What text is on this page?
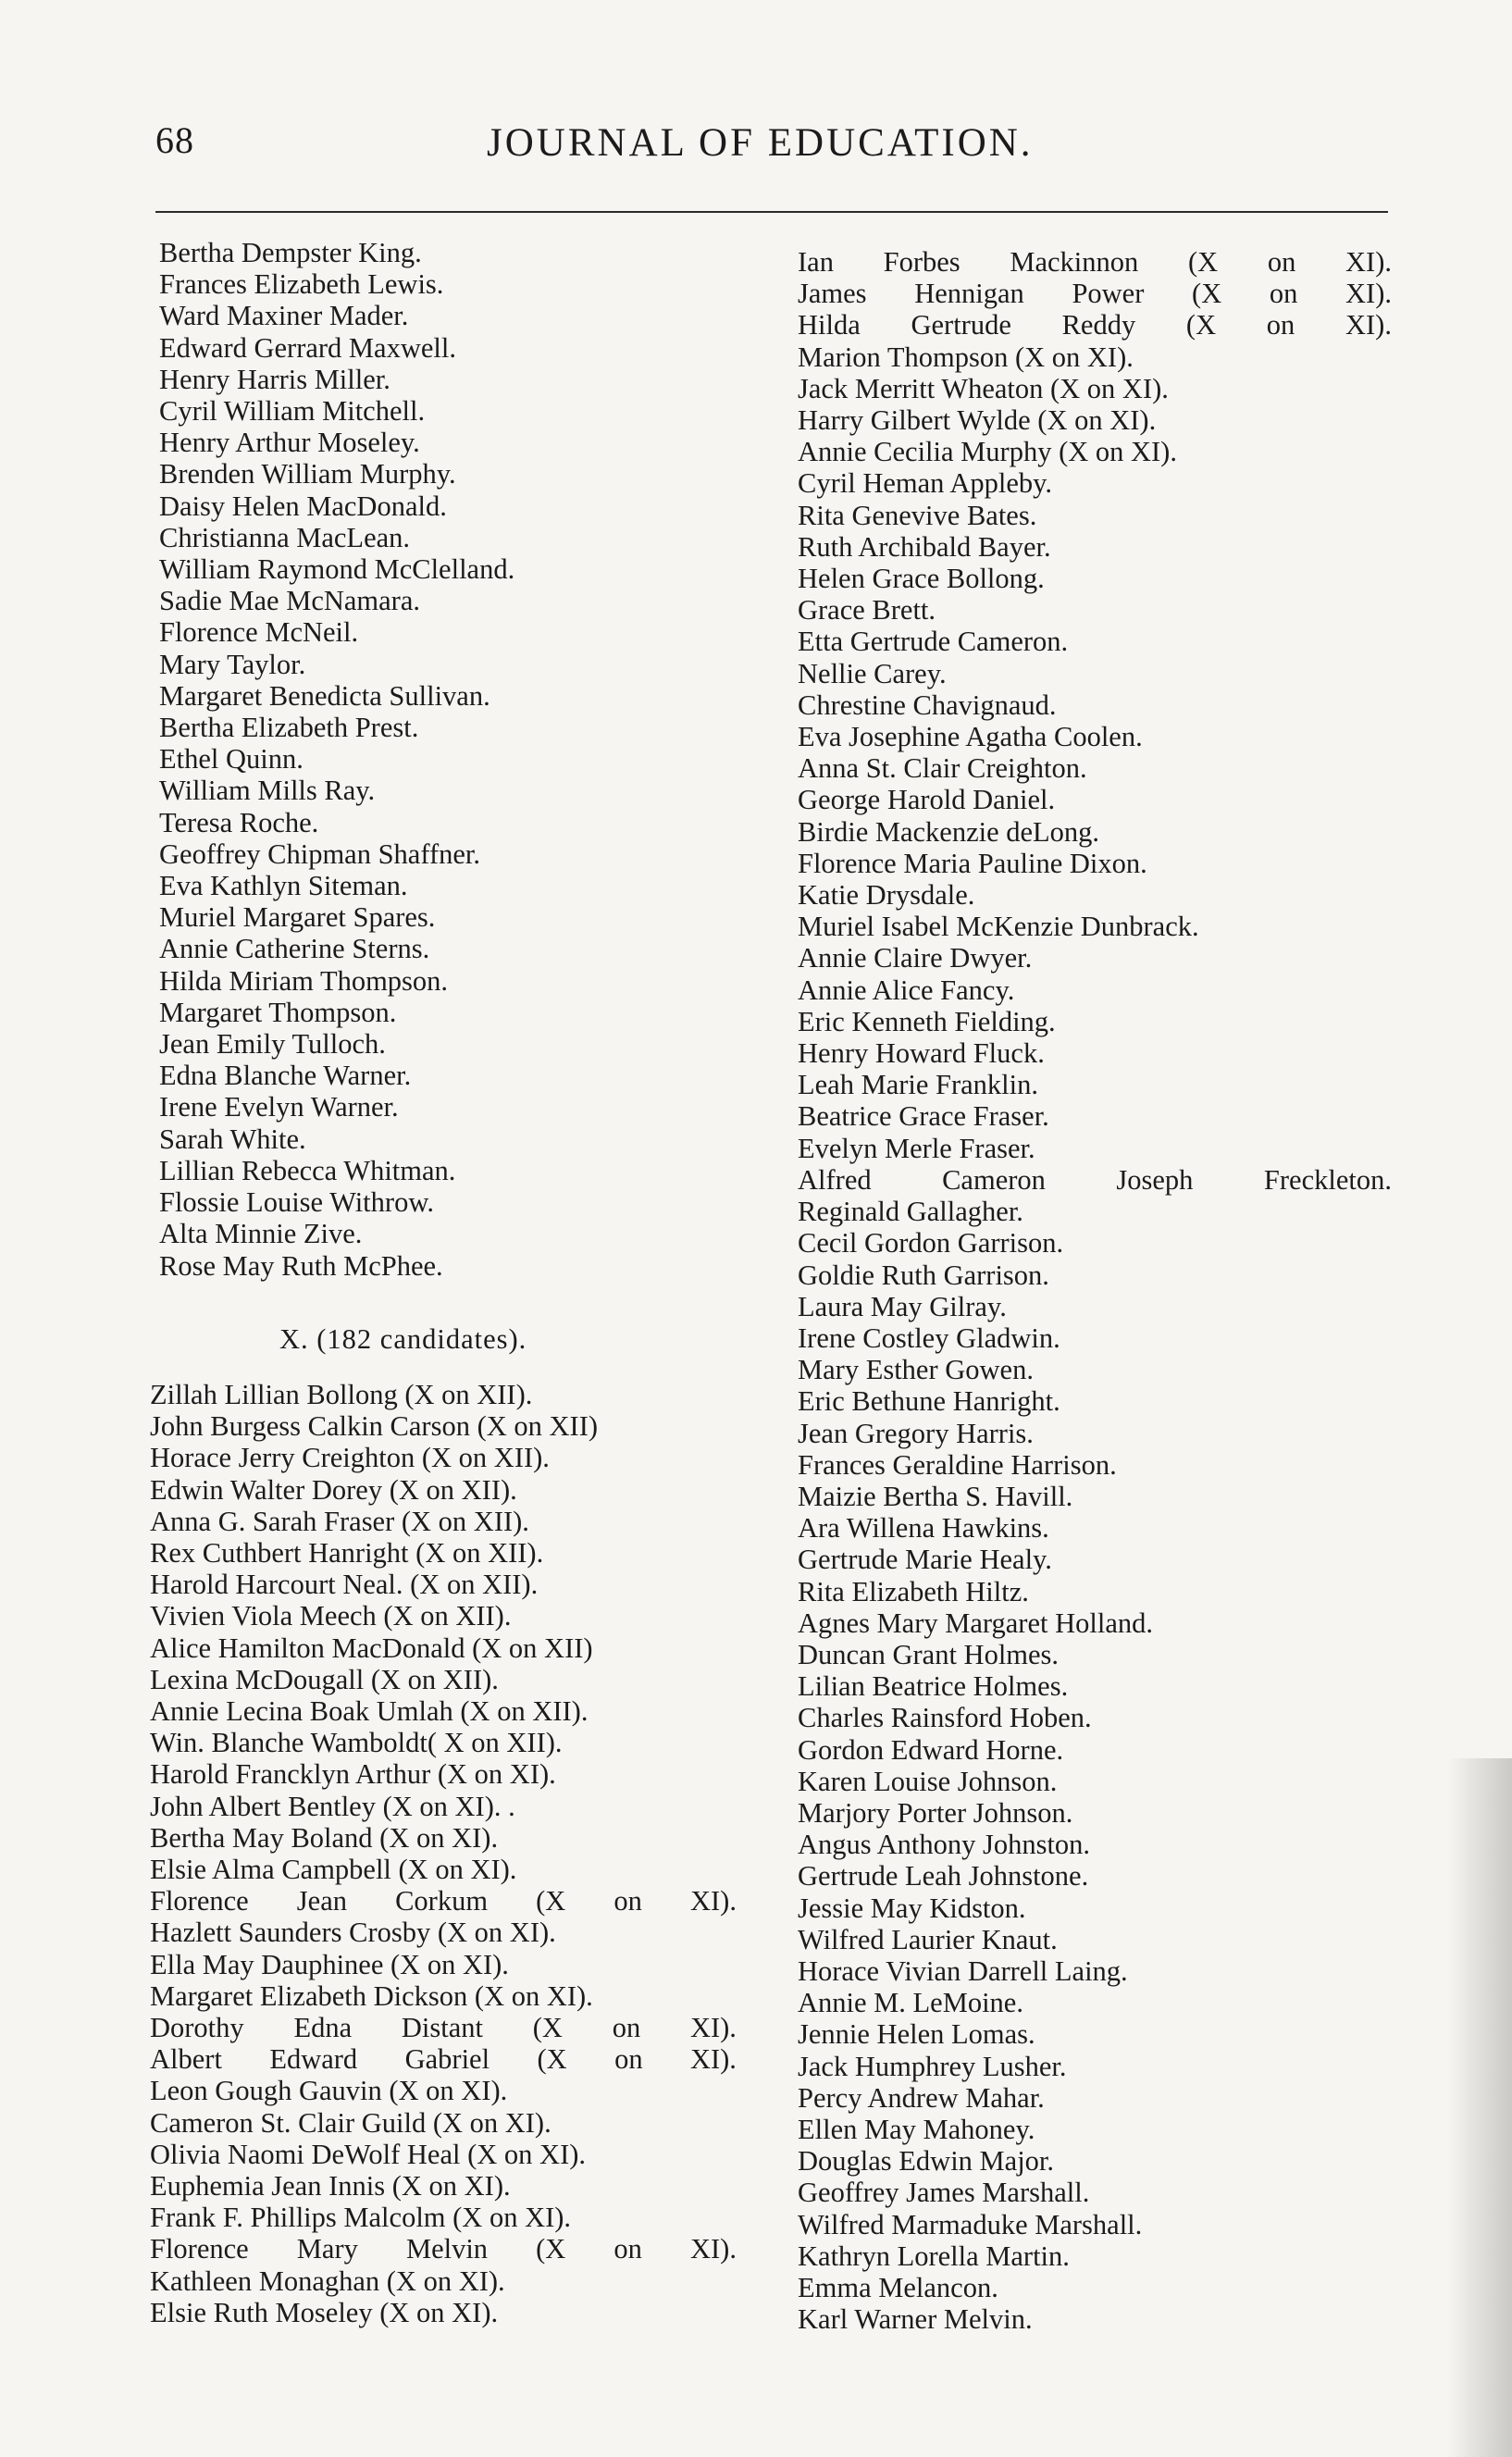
68	JOURNAL OF EDUCATION.
Bertha Dempster King.
Frances Elizabeth Lewis.
Ward Maxiner Mader.
Edward Gerrard Maxwell.
Henry Harris Miller.
Cyril William Mitchell.
Henry Arthur Moseley.
Brenden William Murphy.
Daisy Helen MacDonald.
Christianna MacLean.
William Raymond McClelland.
Sadie Mae McNamara.
Florence McNeil.
Mary Taylor.
Margaret Benedicta Sullivan.
Bertha Elizabeth Prest.
Ethel Quinn.
William Mills Ray.
Teresa Roche.
Geoffrey Chipman Shaffner.
Eva Kathlyn Siteman.
Muriel Margaret Spares.
Annie Catherine Sterns.
Hilda Miriam Thompson.
Margaret Thompson.
Jean Emily Tulloch.
Edna Blanche Warner.
Irene Evelyn Warner.
Sarah White.
Lillian Rebecca Whitman.
Flossie Louise Withrow.
Alta Minnie Zive.
Rose May Ruth McPhee.
X. (182 candidates).
Zillah Lillian Bollong (X on XII).
John Burgess Calkin Carson (X on XII)
Horace Jerry Creighton (X on XII).
Edwin Walter Dorey (X on XII).
Anna G. Sarah Fraser (X on XII).
Rex Cuthbert Hanright (X on XII).
Harold Harcourt Neal. (X on XII).
Vivien Viola Meech (X on XII).
Alice Hamilton MacDonald (X on XII)
Lexina McDougall (X on XII).
Annie Lecina Boak Umlah (X on XII).
Win. Blanche Wamboldt( X on XII).
Harold Francklyn Arthur (X on XI).
John Albert Bentley (X on XI). .
Bertha May Boland (X on XI).
Elsie Alma Campbell (X on XI).
Florence Jean Corkum (X on XI).
Hazlett Saunders Crosby (X on XI).
Ella May Dauphinee (X on XI).
Margaret Elizabeth Dickson (X on XI).
Dorothy Edna Distant (X on XI).
Albert Edward Gabriel (X on XI).
Leon Gough Gauvin (X on XI).
Cameron St. Clair Guild (X on XI).
Olivia Naomi DeWolf Heal (X on XI).
Euphemia Jean Innis (X on XI).
Frank F. Phillips Malcolm (X on XI).
Florence Mary Melvin (X on XI).
Kathleen Monaghan (X on XI).
Elsie Ruth Moseley (X on XI).
Ian Forbes Mackinnon (X on XI).
James Hennigan Power (X on XI).
Hilda Gertrude Reddy (X on XI).
Marion Thompson (X on XI).
Jack Merritt Wheaton (X on XI).
Harry Gilbert Wylde (X on XI).
Annie Cecilia Murphy (X on XI).
Cyril Heman Appleby.
Rita Genevive Bates.
Ruth Archibald Bayer.
Helen Grace Bollong.
Grace Brett.
Etta Gertrude Cameron.
Nellie Carey.
Chrestine Chavignaud.
Eva Josephine Agatha Coolen.
Anna St. Clair Creighton.
George Harold Daniel.
Birdie Mackenzie deLong.
Florence Maria Pauline Dixon.
Katie Drysdale.
Muriel Isabel McKenzie Dunbrack.
Annie Claire Dwyer.
Annie Alice Fancy.
Eric Kenneth Fielding.
Henry Howard Fluck.
Leah Marie Franklin.
Beatrice Grace Fraser.
Evelyn Merle Fraser.
Alfred	Cameron	Joseph	Freckleton.
Reginald Gallagher.
Cecil Gordon Garrison.
Goldie Ruth Garrison.
Laura May Gilray.
Irene Costley Gladwin.
Mary Esther Gowen.
Eric Bethune Hanright.
Jean Gregory Harris.
Frances Geraldine Harrison.
Maizie Bertha S. Havill.
Ara Willena Hawkins.
Gertrude Marie Healy.
Rita Elizabeth Hiltz.
Agnes Mary Margaret Holland.
Duncan Grant Holmes.
Lilian Beatrice Holmes.
Charles Rainsford Hoben.
Gordon Edward Horne.
Karen Louise Johnson.
Marjory Porter Johnson.
Angus Anthony Johnston.
Gertrude Leah Johnstone.
Jessie May Kidston.
Wilfred Laurier Knaut.
Horace Vivian Darrell Laing.
Annie M. LeMoine.
Jennie Helen Lomas.
Jack Humphrey Lusher.
Percy Andrew Mahar.
Ellen May Mahoney.
Douglas Edwin Major.
Geoffrey James Marshall.
Wilfred Marmaduke Marshall.
Kathryn Lorella Martin.
Emma Melancon.
Karl Warner Melvin.
